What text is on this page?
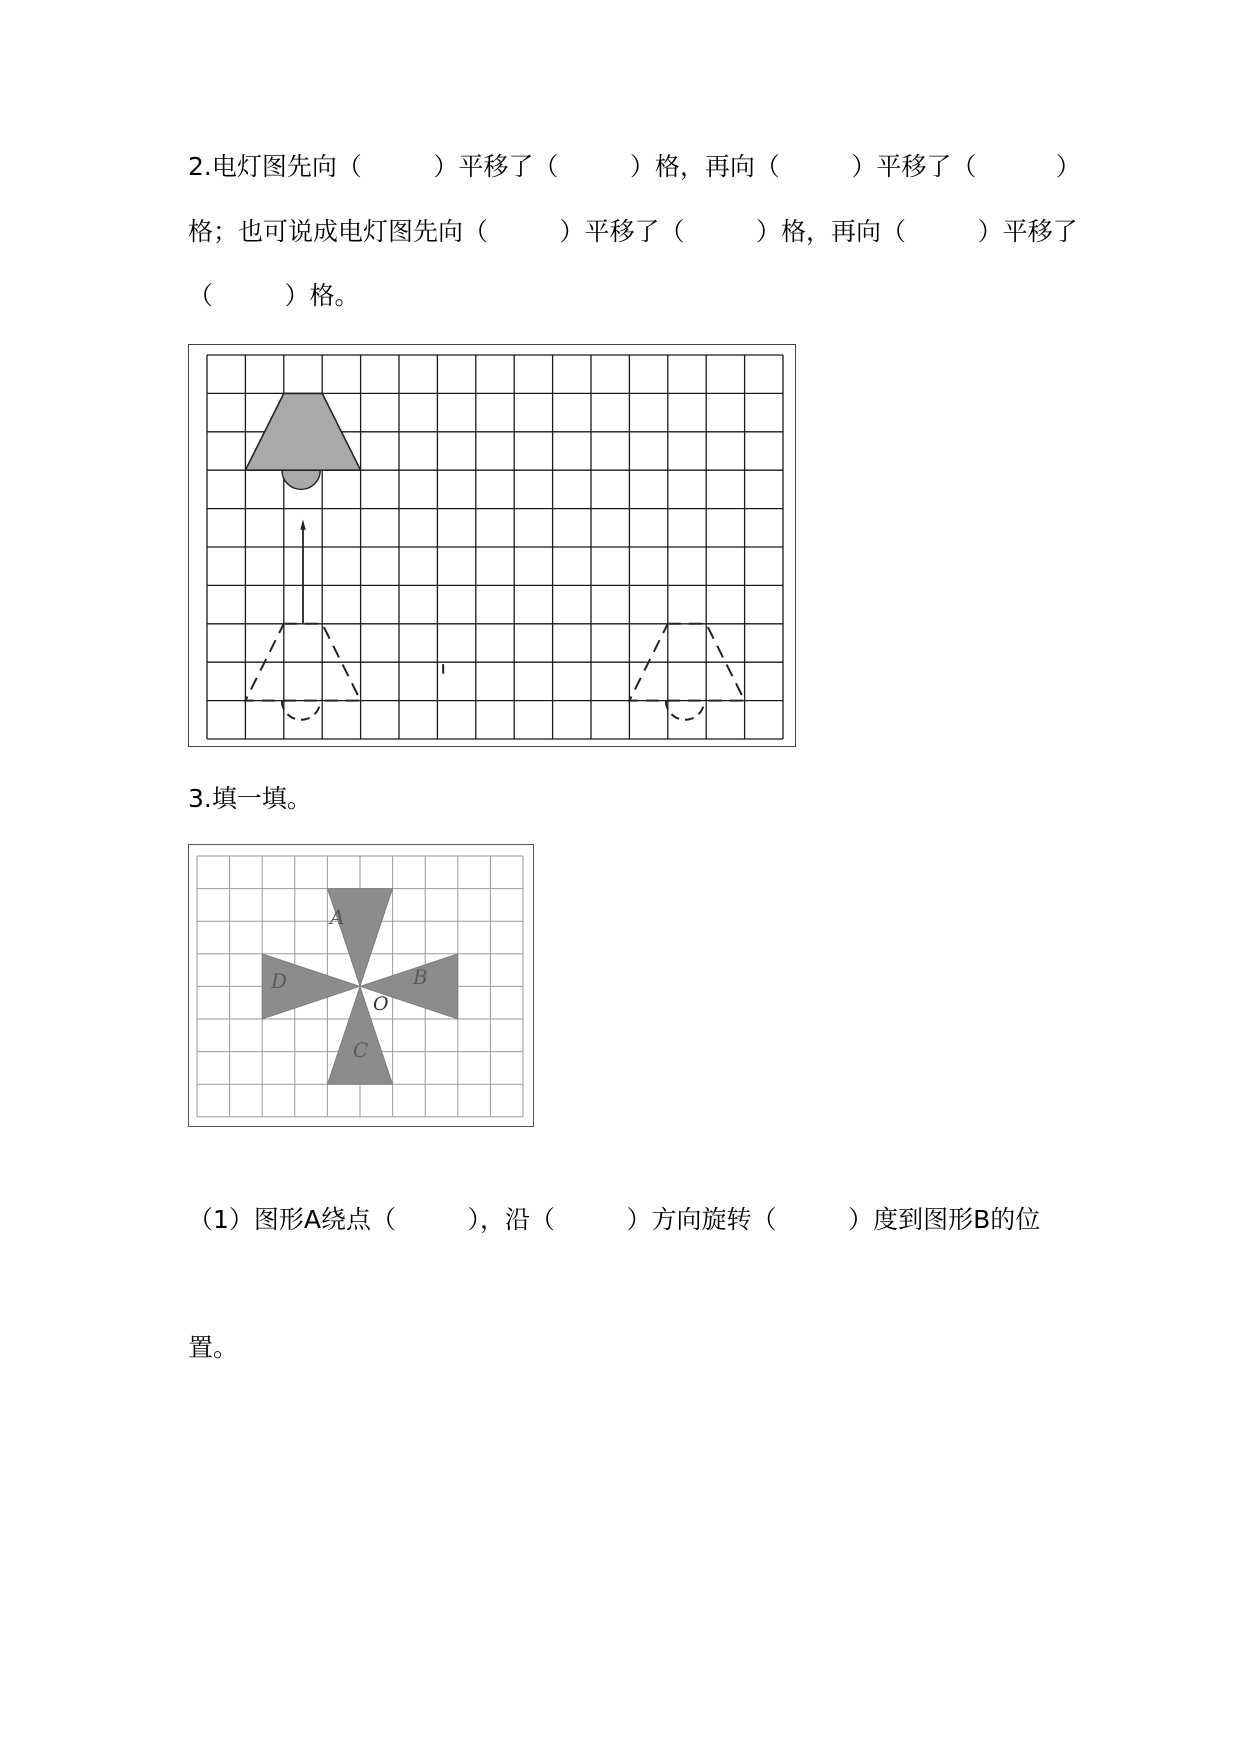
2.电灯图先向（         ）平移了（         ）格，再向（         ）平移了（          ）
格；也可说成电灯图先向（         ）平移了（         ）格，再向（         ）平移了
（         ）格。
3.填一填。
A
B
C
D
O
（1）图形A绕点（         ），沿（         ）方向旋转（         ）度到图形B的位
置。
